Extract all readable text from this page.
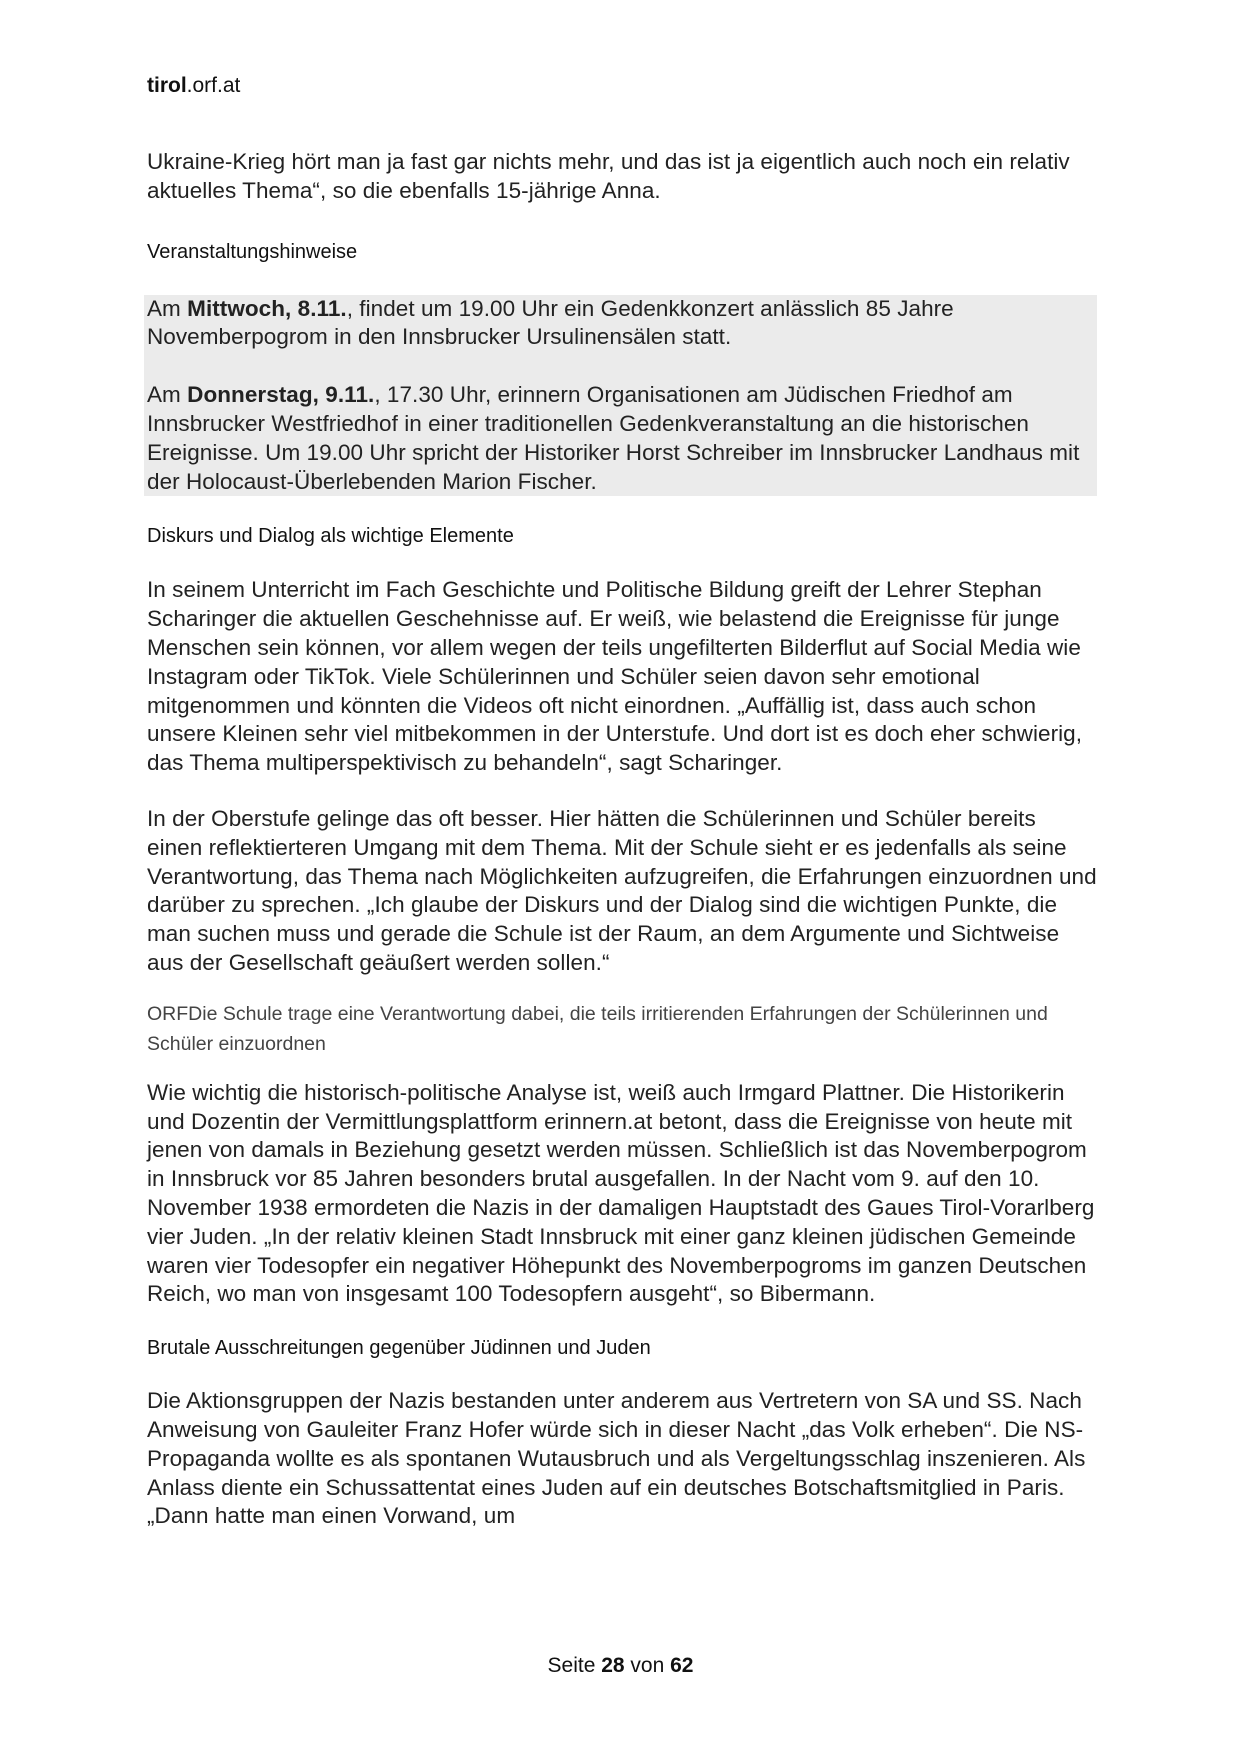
tirol.orf.at

Ukraine-Krieg hört man ja fast gar nichts mehr, und das ist ja eigentlich auch noch ein relativ aktuelles Thema“, so die ebenfalls 15-jährige Anna.

Veranstaltungshinweise

Am Mittwoch, 8.11., findet um 19.00 Uhr ein Gedenkkonzert anlässlich 85 Jahre Novemberpogrom in den Innsbrucker Ursulinensälen statt.

Am Donnerstag, 9.11., 17.30 Uhr, erinnern Organisationen am Jüdischen Friedhof am Innsbrucker Westfriedhof in einer traditionellen Gedenkveranstaltung an die historischen Ereignisse. Um 19.00 Uhr spricht der Historiker Horst Schreiber im Innsbrucker Landhaus mit der Holocaust-Überlebenden Marion Fischer.

Diskurs und Dialog als wichtige Elemente

In seinem Unterricht im Fach Geschichte und Politische Bildung greift der Lehrer Stephan Scharinger die aktuellen Geschehnisse auf. Er weiß, wie belastend die Ereignisse für junge Menschen sein können, vor allem wegen der teils ungefilterten Bilderflut auf Social Media wie Instagram oder TikTok. Viele Schülerinnen und Schüler seien davon sehr emotional mitgenommen und könnten die Videos oft nicht einordnen. „Auffällig ist, dass auch schon unsere Kleinen sehr viel mitbekommen in der Unterstufe. Und dort ist es doch eher schwierig, das Thema multiperspektivisch zu behandeln“, sagt Scharinger.

In der Oberstufe gelinge das oft besser. Hier hätten die Schülerinnen und Schüler bereits einen reflektierteren Umgang mit dem Thema. Mit der Schule sieht er es jedenfalls als seine Verantwortung, das Thema nach Möglichkeiten aufzugreifen, die Erfahrungen einzuordnen und darüber zu sprechen. „Ich glaube der Diskurs und der Dialog sind die wichtigen Punkte, die man suchen muss und gerade die Schule ist der Raum, an dem Argumente und Sichtweise aus der Gesellschaft geäußert werden sollen.“

ORFDie Schule trage eine Verantwortung dabei, die teils irritierenden Erfahrungen der Schülerinnen und Schüler einzuordnen

Wie wichtig die historisch-politische Analyse ist, weiß auch Irmgard Plattner. Die Historikerin und Dozentin der Vermittlungsplattform erinnern.at betont, dass die Ereignisse von heute mit jenen von damals in Beziehung gesetzt werden müssen. Schließlich ist das Novemberpogrom in Innsbruck vor 85 Jahren besonders brutal ausgefallen. In der Nacht vom 9. auf den 10. November 1938 ermordeten die Nazis in der damaligen Hauptstadt des Gaues Tirol-Vorarlberg vier Juden. „In der relativ kleinen Stadt Innsbruck mit einer ganz kleinen jüdischen Gemeinde waren vier Todesopfer ein negativer Höhepunkt des Novemberpogroms im ganzen Deutschen Reich, wo man von insgesamt 100 Todesopfern ausgeht“, so Bibermann.

Brutale Ausschreitungen gegenüber Jüdinnen und Juden

Die Aktionsgruppen der Nazis bestanden unter anderem aus Vertretern von SA und SS. Nach Anweisung von Gauleiter Franz Hofer würde sich in dieser Nacht „das Volk erheben“. Die NS-Propaganda wollte es als spontanen Wutausbruch und als Vergeltungsschlag inszenieren. Als Anlass diente ein Schussattentat eines Juden auf ein deutsches Botschaftsmitglied in Paris. „Dann hatte man einen Vorwand, um

Seite 28 von 62
